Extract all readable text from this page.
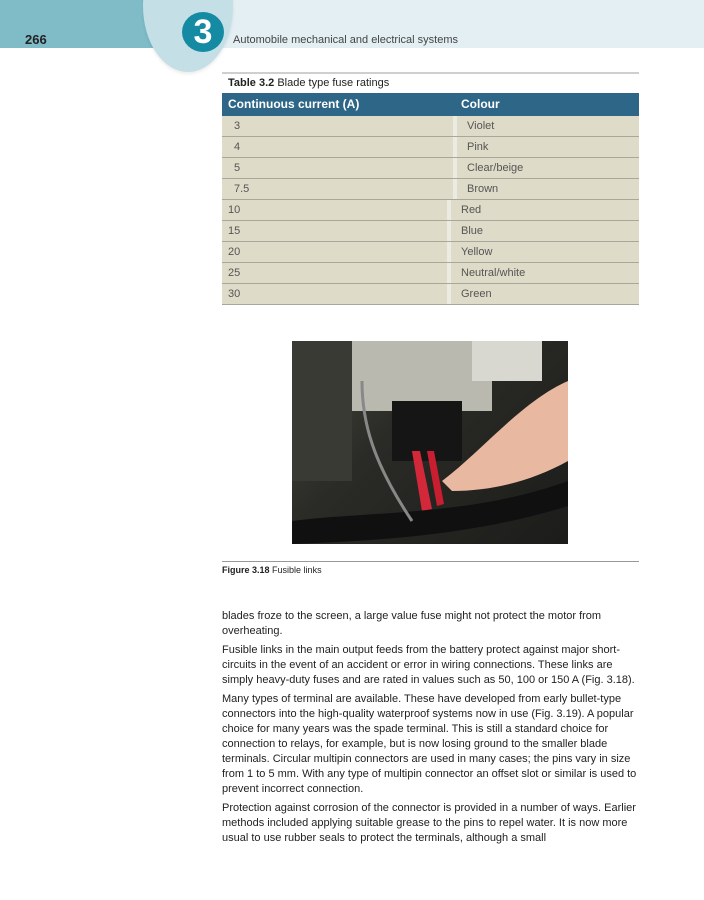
3
266	Automobile mechanical and electrical systems
Table 3.2 Blade type fuse ratings
Continuous current (A)	Colour
3	Violet
4	Pink
5	Clear/beige
7.5	Brown
10	Red
15	Blue
20	Yellow
25	Neutral/white
30	Green
Figure 3.18 Fusible links

blades froze to the screen, a large value fuse might not protect the motor from overheating.

Fusible links in the main output feeds from the battery protect against major short-circuits in the event of an accident or error in wiring connections. These links are simply heavy-duty fuses and are rated in values such as 50, 100 or 150 A (Fig. 3.18).

Many types of terminal are available. These have developed from early bullet-type connectors into the high-quality waterproof systems now in use (Fig. 3.19). A popular choice for many years was the spade terminal. This is still a standard choice for connection to relays, for example, but is now losing ground to the smaller blade terminals. Circular multipin connectors are used in many cases; the pins vary in size from 1 to 5 mm. With any type of multipin connector an offset slot or similar is used to prevent incorrect connection.

Protection against corrosion of the connector is provided in a number of ways. Earlier methods included applying suitable grease to the pins to repel water. It is now more usual to use rubber seals to protect the terminals, although a small
